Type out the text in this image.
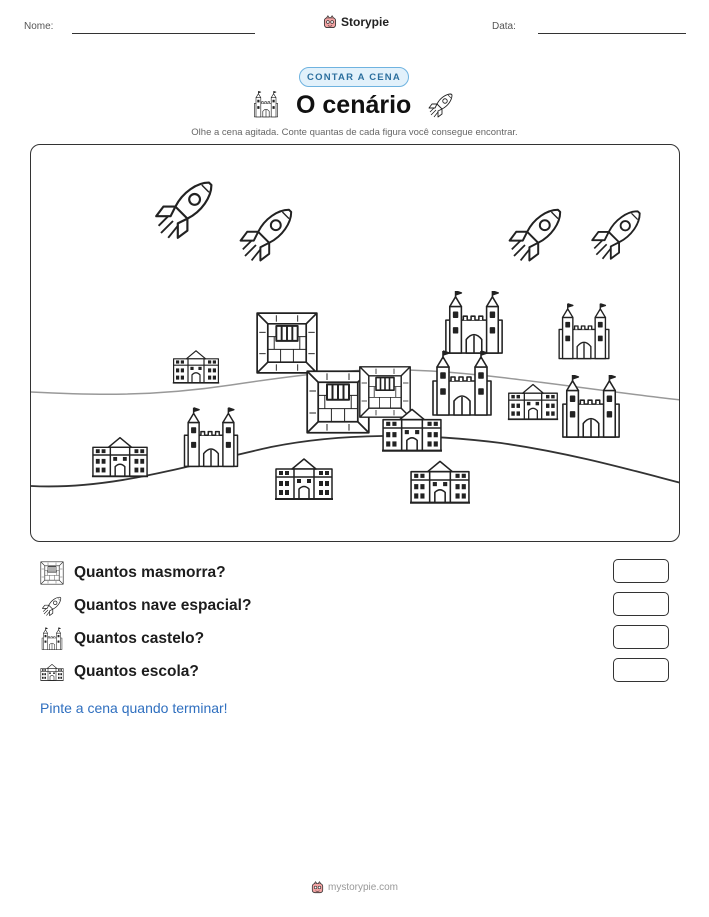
Nome:	Storypie	Data:
CONTAR A CENA
O cenário
Olhe a cena agitada. Conte quantas de cada figura você consegue encontrar.
Quantos masmorra?
Quantos nave espacial?
Quantos castelo?
Quantos escola?
Pinte a cena quando terminar!
mystorypie.com
